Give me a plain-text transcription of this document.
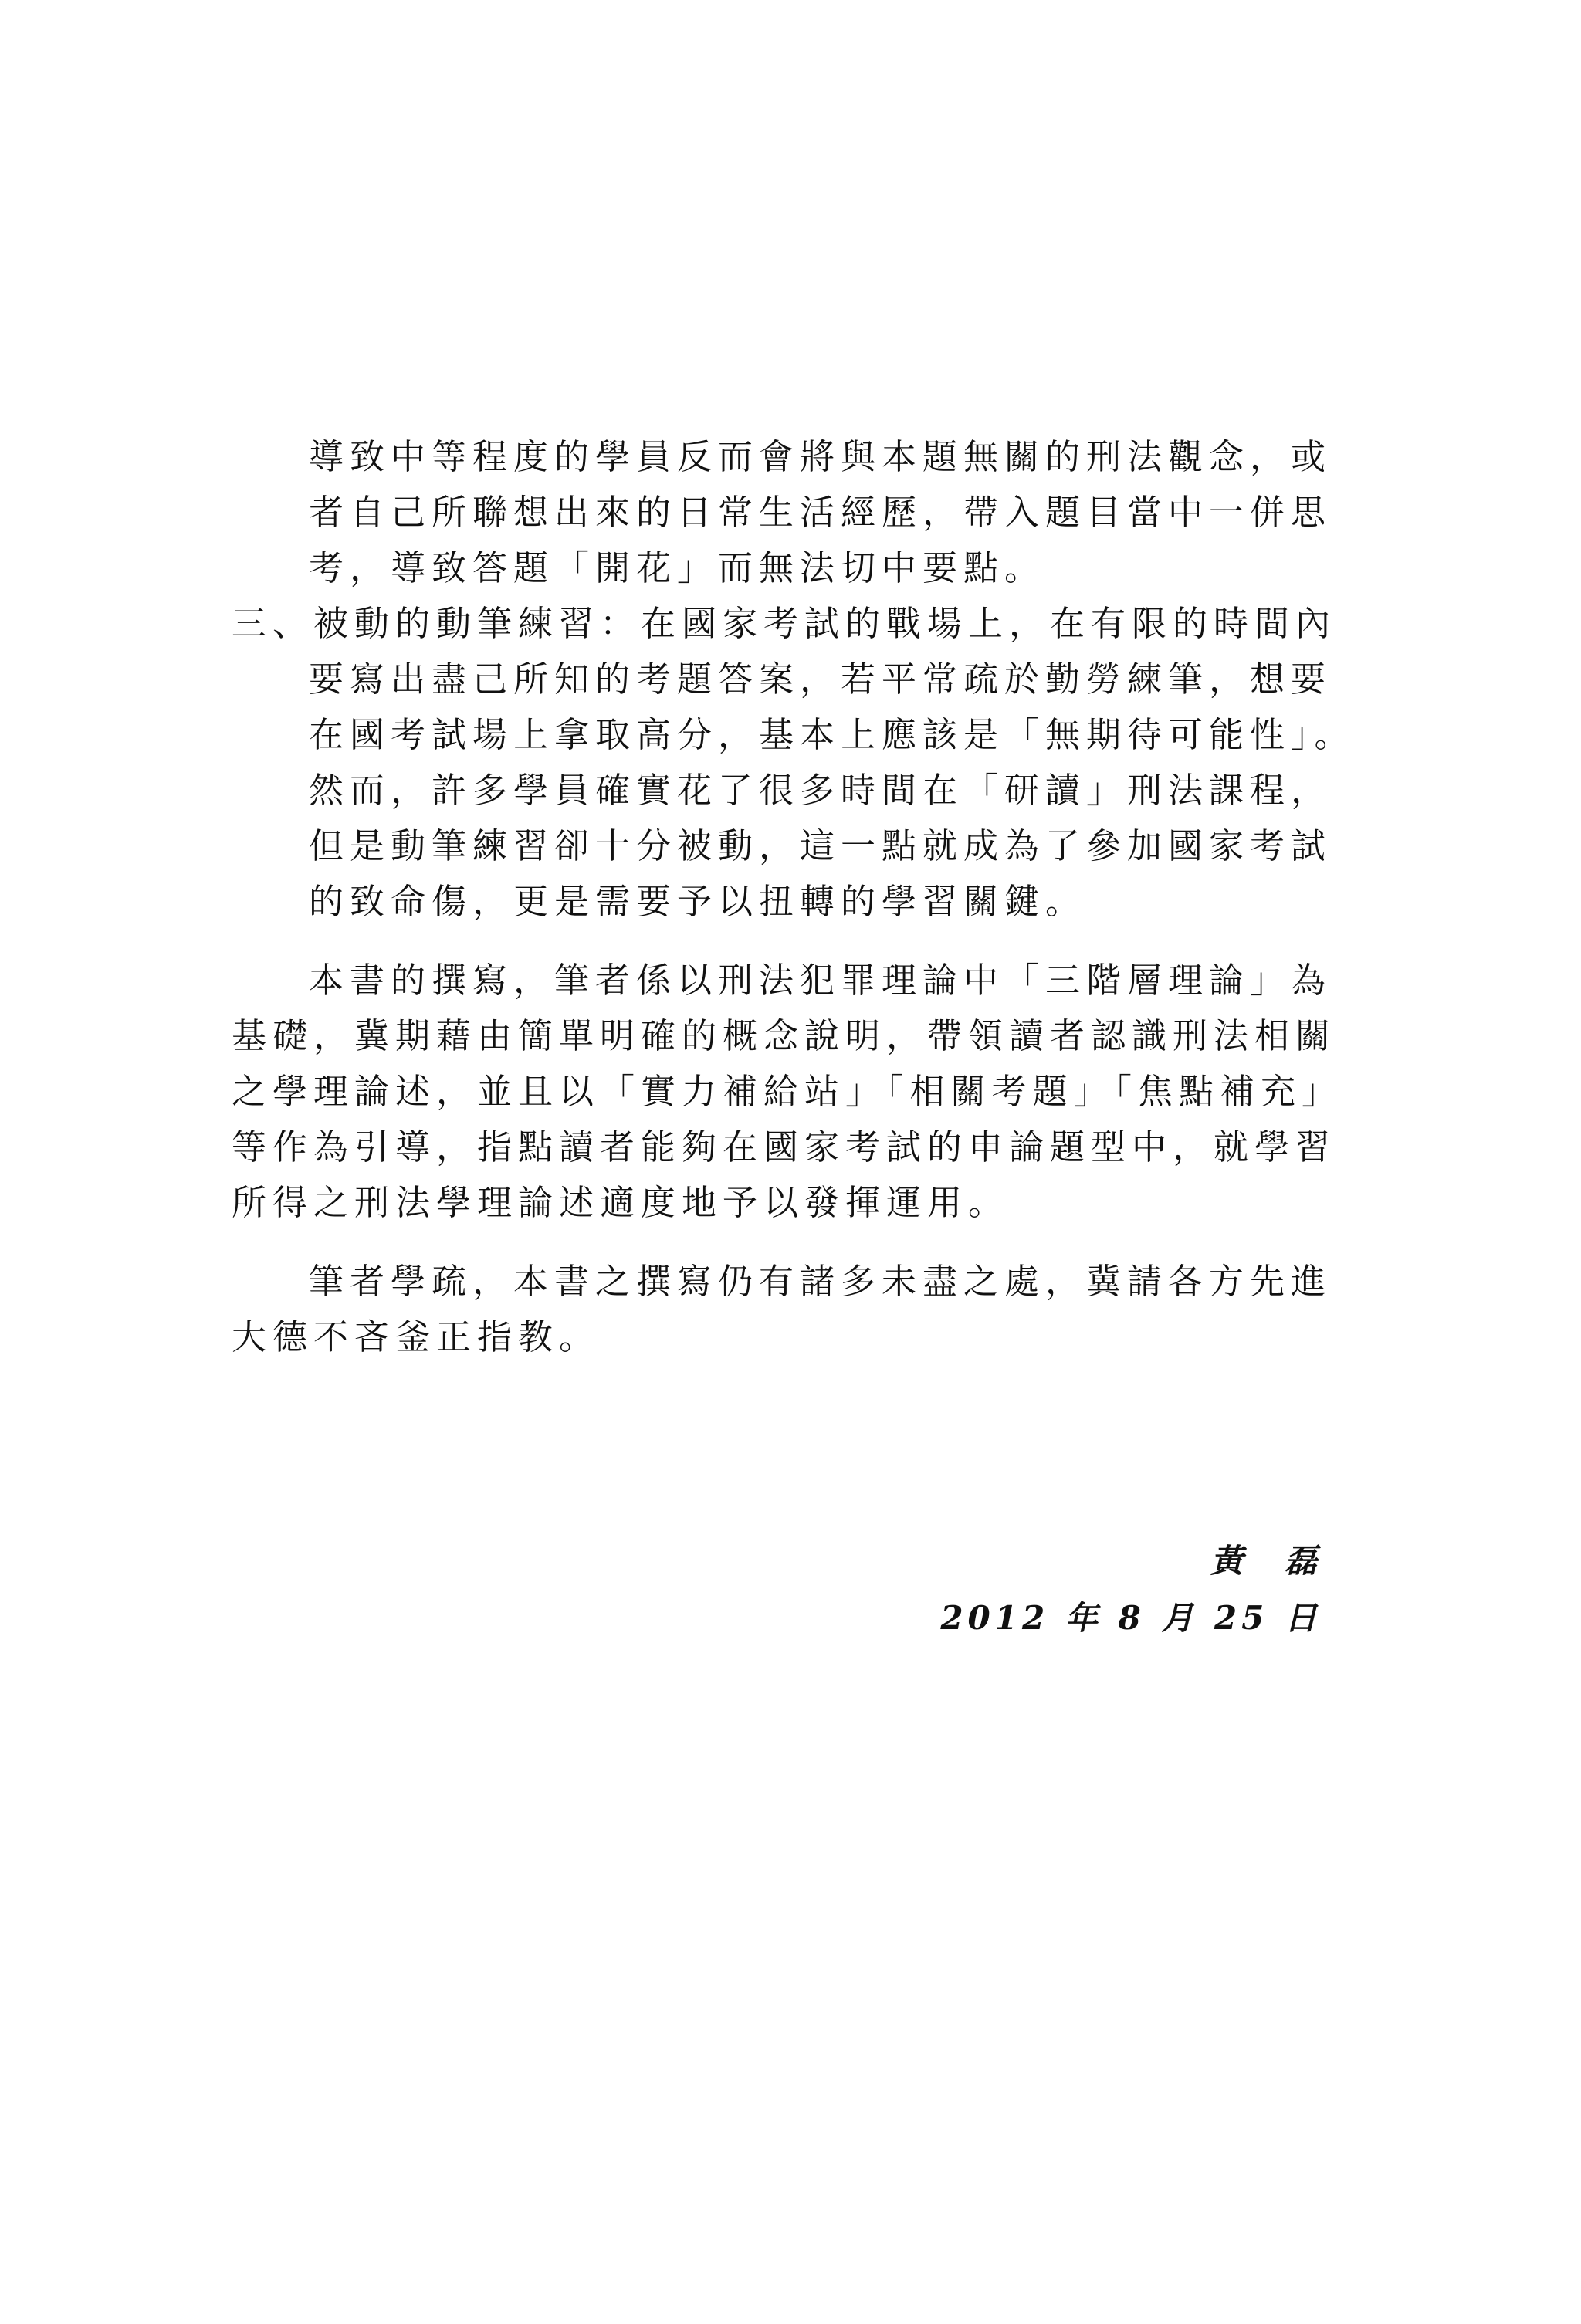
導致中等程度的學員反而會將與本題無關的刑法觀念，或
者自己所聯想出來的日常生活經歷，帶入題目當中一併思
考，導致答題「開花」而無法切中要點。
三、被動的動筆練習：在國家考試的戰場上，在有限的時間內
要寫出盡己所知的考題答案，若平常疏於勤勞練筆，想要
在國考試場上拿取高分，基本上應該是「無期待可能性」。
然而，許多學員確實花了很多時間在「研讀」刑法課程，
但是動筆練習卻十分被動，這一點就成為了參加國家考試
的致命傷，更是需要予以扭轉的學習關鍵。
本書的撰寫，筆者係以刑法犯罪理論中「三階層理論」為
基礎，冀期藉由簡單明確的概念說明，帶領讀者認識刑法相關
之學理論述，並且以「實力補給站」「相關考題」「焦點補充」
等作為引導，指點讀者能夠在國家考試的申論題型中，就學習
所得之刑法學理論述適度地予以發揮運用。
筆者學疏，本書之撰寫仍有諸多未盡之處，冀請各方先進
大德不吝釜正指教。
黃　磊
2012 年 8 月 25 日
